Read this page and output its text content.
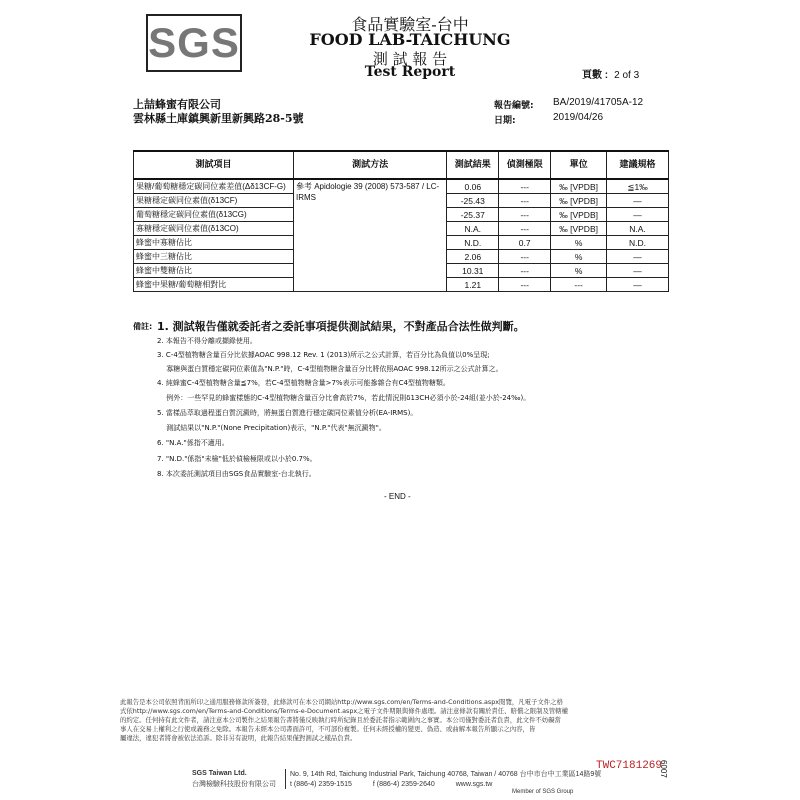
SGS	食品實驗室-台中
FOOD LAB-TAICHUNG
測 試 報 告
Test Report	頁數 : 2 of 3
上喆蜂蜜有限公司
雲林縣土庫鎮興新里新興路28-5號
報告編號: BA/2019/41705A-12
日期:	2019/04/26
測試項目	測試方法	測試結果	偵測極限	單位	建議規格
果糖/葡萄糖穩定碳同位素差值(Δδ13CF-G)	參考 Apidologie 39 (2008) 573-587 / LC-IRMS	0.06	---	‰ [VPDB]	≦1‰
果糖穩定碳同位素值(δ13CF)		-25.43	---	‰ [VPDB]	—
葡萄糖穩定碳同位素值(δ13CG)		-25.37	---	‰ [VPDB]	—
寡糖穩定碳同位素值(δ13CO)		N.A.	---	‰ [VPDB]	N.A.
蜂蜜中寡糖佔比		N.D.	0.7	%	N.D.
蜂蜜中三糖佔比		2.06	---	%	—
蜂蜜中雙糖佔比		10.31	---	%	—
蜂蜜中果糖/葡萄糖相對比		1.21	---	---	—
備註: 1. 測試報告僅就委託者之委託事項提供測試結果，不對產品合法性做判斷。
2. 本報告不得分離或擷錄使用。
3. C-4型植物糖含量百分比依據AOAC 998.12 Rev. 1 (2013)所示之公式計算，若百分比為負值以0%呈現;
　 寡糖與蛋白質穩定碳同位素值為"N.P."時，C-4型植物糖含量百分比將依照AOAC 998.12所示之公式計算之。
4. 純蜂蜜C-4型植物糖含量≦7%，若C-4型植物糖含量>7%表示可能摻雜合有C4型植物糖類。
　 例外：一些罕見的蜂蜜樣態的C-4型植物糖含量百分比會高於7%，若此情況則δ13CH必須小於-24組(並小於-24‰)。
5. 當樣品萃取過程蛋白質沉澱時，將無蛋白質進行穩定碳同位素值分析(EA-IRMS)。
　 測試結果以"N.P."(None Precipitation)表示，"N.P."代表"無沉澱物"。
6. "N.A."係指不適用。
7. "N.D."係指"未檢"低於偵檢極限或以小於0.7%。
8. 本次委託測試項目由SGS食品實驗室-台北執行。
- END -
此報告是本公司依照背面所印之通用服務條款所簽發，此條款可在本公司網站http://www.sgs.com/en/Terms-and-Conditions.aspx閱覽，凡電子文件之格
式依http://www.sgs.com/en/Terms-and-Conditions/Terms-e-Document.aspx之電子文件期限與條件處理。請注意條款有關於責任、賠償之限制及管轄權
的約定。任何持有此文件者，請注意本公司製作之結果報告書將僅反映執行時所紀錄且於委託者指示範圍內之事實。本公司僅對委託者負責，此文件不妨礙當
事人在交易上權利之行使或義務之免除。本報告未經本公司書面許可，不可部份複製。任何未經授權的變更、偽造、或曲解本報告所顯示之內容，皆
屬違法，違犯者將會被依法追訴。除非另有說明，此報告結果僅對測試之樣品負責。
SGS Taiwan Ltd.
台灣檢驗科技股份有限公司
No. 9, 14th Rd, Taichung Industrial Park, Taichung 40768, Taiwan / 40768 台中市台中工業區14路9號
t (886-4) 2359-1515　　　f (886-4) 2359-2640　　　www.sgs.tw
Member of SGS Group
TWC7181269
6007
